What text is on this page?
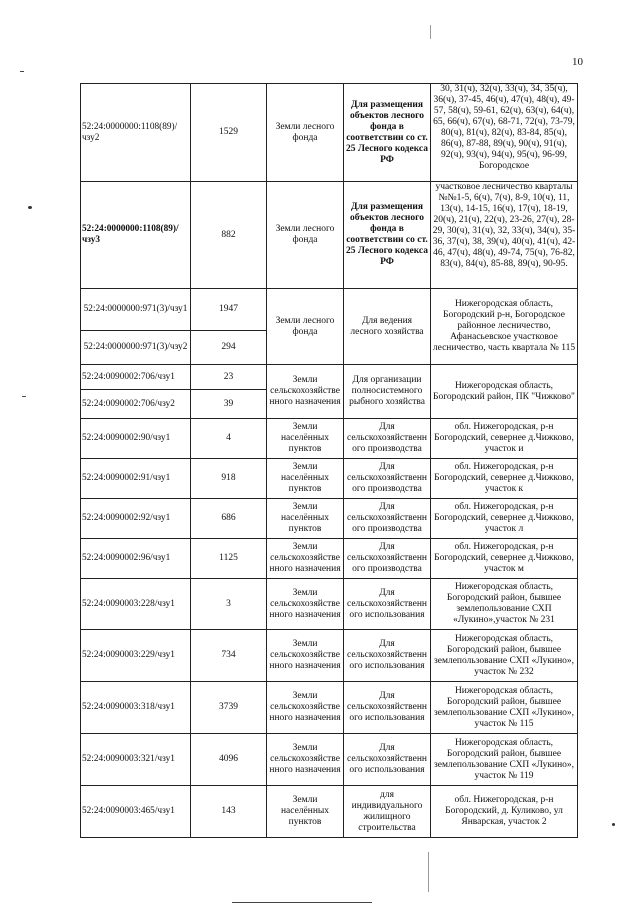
10
52:24:0000000:1108(89)/чзу2	1529	Земли лесного фонда	Для размещения объектов лесного фонда в соответствии со ст. 25 Лесного кодекса РФ	30, 31(ч), 32(ч), 33(ч), 34, 35(ч), 36(ч), 37-45, 46(ч), 47(ч), 48(ч), 49-57, 58(ч), 59-61, 62(ч), 63(ч), 64(ч), 65, 66(ч), 67(ч), 68-71, 72(ч), 73-79, 80(ч), 81(ч), 82(ч), 83-84, 85(ч), 86(ч), 87-88, 89(ч), 90(ч), 91(ч), 92(ч), 93(ч), 94(ч), 95(ч), 96-99, Богородское
52:24:0000000:1108(89)/чзу3	882	Земли лесного фонда	Для размещения объектов лесного фонда в соответствии со ст. 25 Лесного кодекса РФ	участковое лесничество кварталы №№1-5, 6(ч), 7(ч), 8-9, 10(ч), 11, 13(ч), 14-15, 16(ч), 17(ч), 18-19, 20(ч), 21(ч), 22(ч), 23-26, 27(ч), 28-29, 30(ч), 31(ч), 32, 33(ч), 34(ч), 35-36, 37(ч), 38, 39(ч), 40(ч), 41(ч), 42-46, 47(ч), 48(ч), 49-74, 75(ч), 76-82, 83(ч), 84(ч), 85-88, 89(ч), 90-95.
52:24:0000000:971(3)/чзу1	1947	Земли лесного фонда	Для ведения лесного хозяйства	Нижегородская область, Богородский р-н, Богородское районное лесничество, Афанасьевское участковое лесничество, часть квартала № 115
52:24:0000000:971(3)/чзу2	294			
52:24:0090002:706/чзу1	23	Земли сельскохозяйственного назначения	Для организации полносистемного рыбного хозяйства	Нижегородская область, Богородский район, ПК "Чижково"
52:24:0090002:706/чзу2	39			
52:24:0090002:90/чзу1	4	Земли населённых пунктов	Для сельскохозяйственного производства	обл. Нижегородская, р-н Богородский, севернее д.Чижково, участок и
52:24:0090002:91/чзу1	918	Земли населённых пунктов	Для сельскохозяйственного производства	обл. Нижегородская, р-н Богородский, севернее д.Чижково, участок к
52:24:0090002:92/чзу1	686	Земли населённых пунктов	Для сельскохозяйственного производства	обл. Нижегородская, р-н Богородский, севернее д.Чижково, участок л
52:24:0090002:96/чзу1	1125	Земли сельскохозяйственного назначения	Для сельскохозяйственного производства	обл. Нижегородская, р-н Богородский, севернее д.Чижково, участок м
52:24:0090003:228/чзу1	3	Земли сельскохозяйственного назначения	Для сельскохозяйственного использования	Нижегородская область, Богородский район, бывшее землепользование СХП «Лукино»,участок № 231
52:24:0090003:229/чзу1	734	Земли сельскохозяйственного назначения	Для сельскохозяйственного использования	Нижегородская область, Богородский район, бывшее землепользование СХП «Лукино», участок № 232
52:24:0090003:318/чзу1	3739	Земли сельскохозяйственного назначения	Для сельскохозяйственного использования	Нижегородская область, Богородский район, бывшее землепользование СХП «Лукино», участок № 115
52:24:0090003:321/чзу1	4096	Земли сельскохозяйственного назначения	Для сельскохозяйственного использования	Нижегородская область, Богородский район, бывшее землепользование СХП «Лукино», участок № 119
52:24:0090003:465/чзу1	143	Земли населённых пунктов	для индивидуального жилищного строительства	обл. Нижегородская, р-н Богородский, д. Куликово, ул Январская, участок 2
